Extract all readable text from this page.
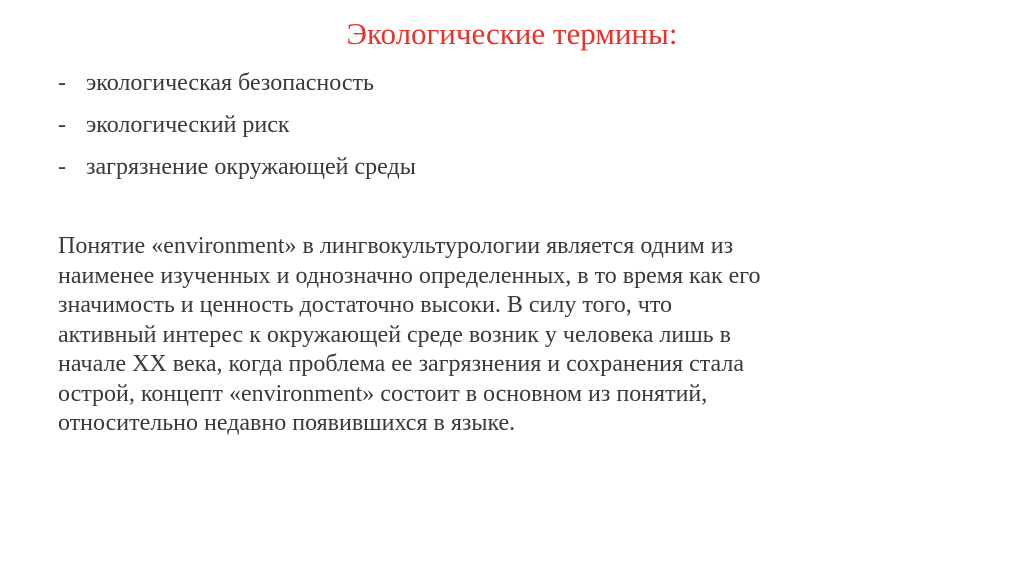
Экологические термины:
- экологическая безопасность
- экологический риск
- загрязнение окружающей среды

Понятие «environment» в лингвокультурологии является одним из
наименее изученных и однозначно определенных, в то время как его
значимость и ценность достаточно высоки. В силу того, что
активный интерес к окружающей среде возник у человека лишь в
начале ХХ века, когда проблема ее загрязнения и сохранения стала
острой, концепт «environment» состоит в основном из понятий,
относительно недавно появившихся в языке.
